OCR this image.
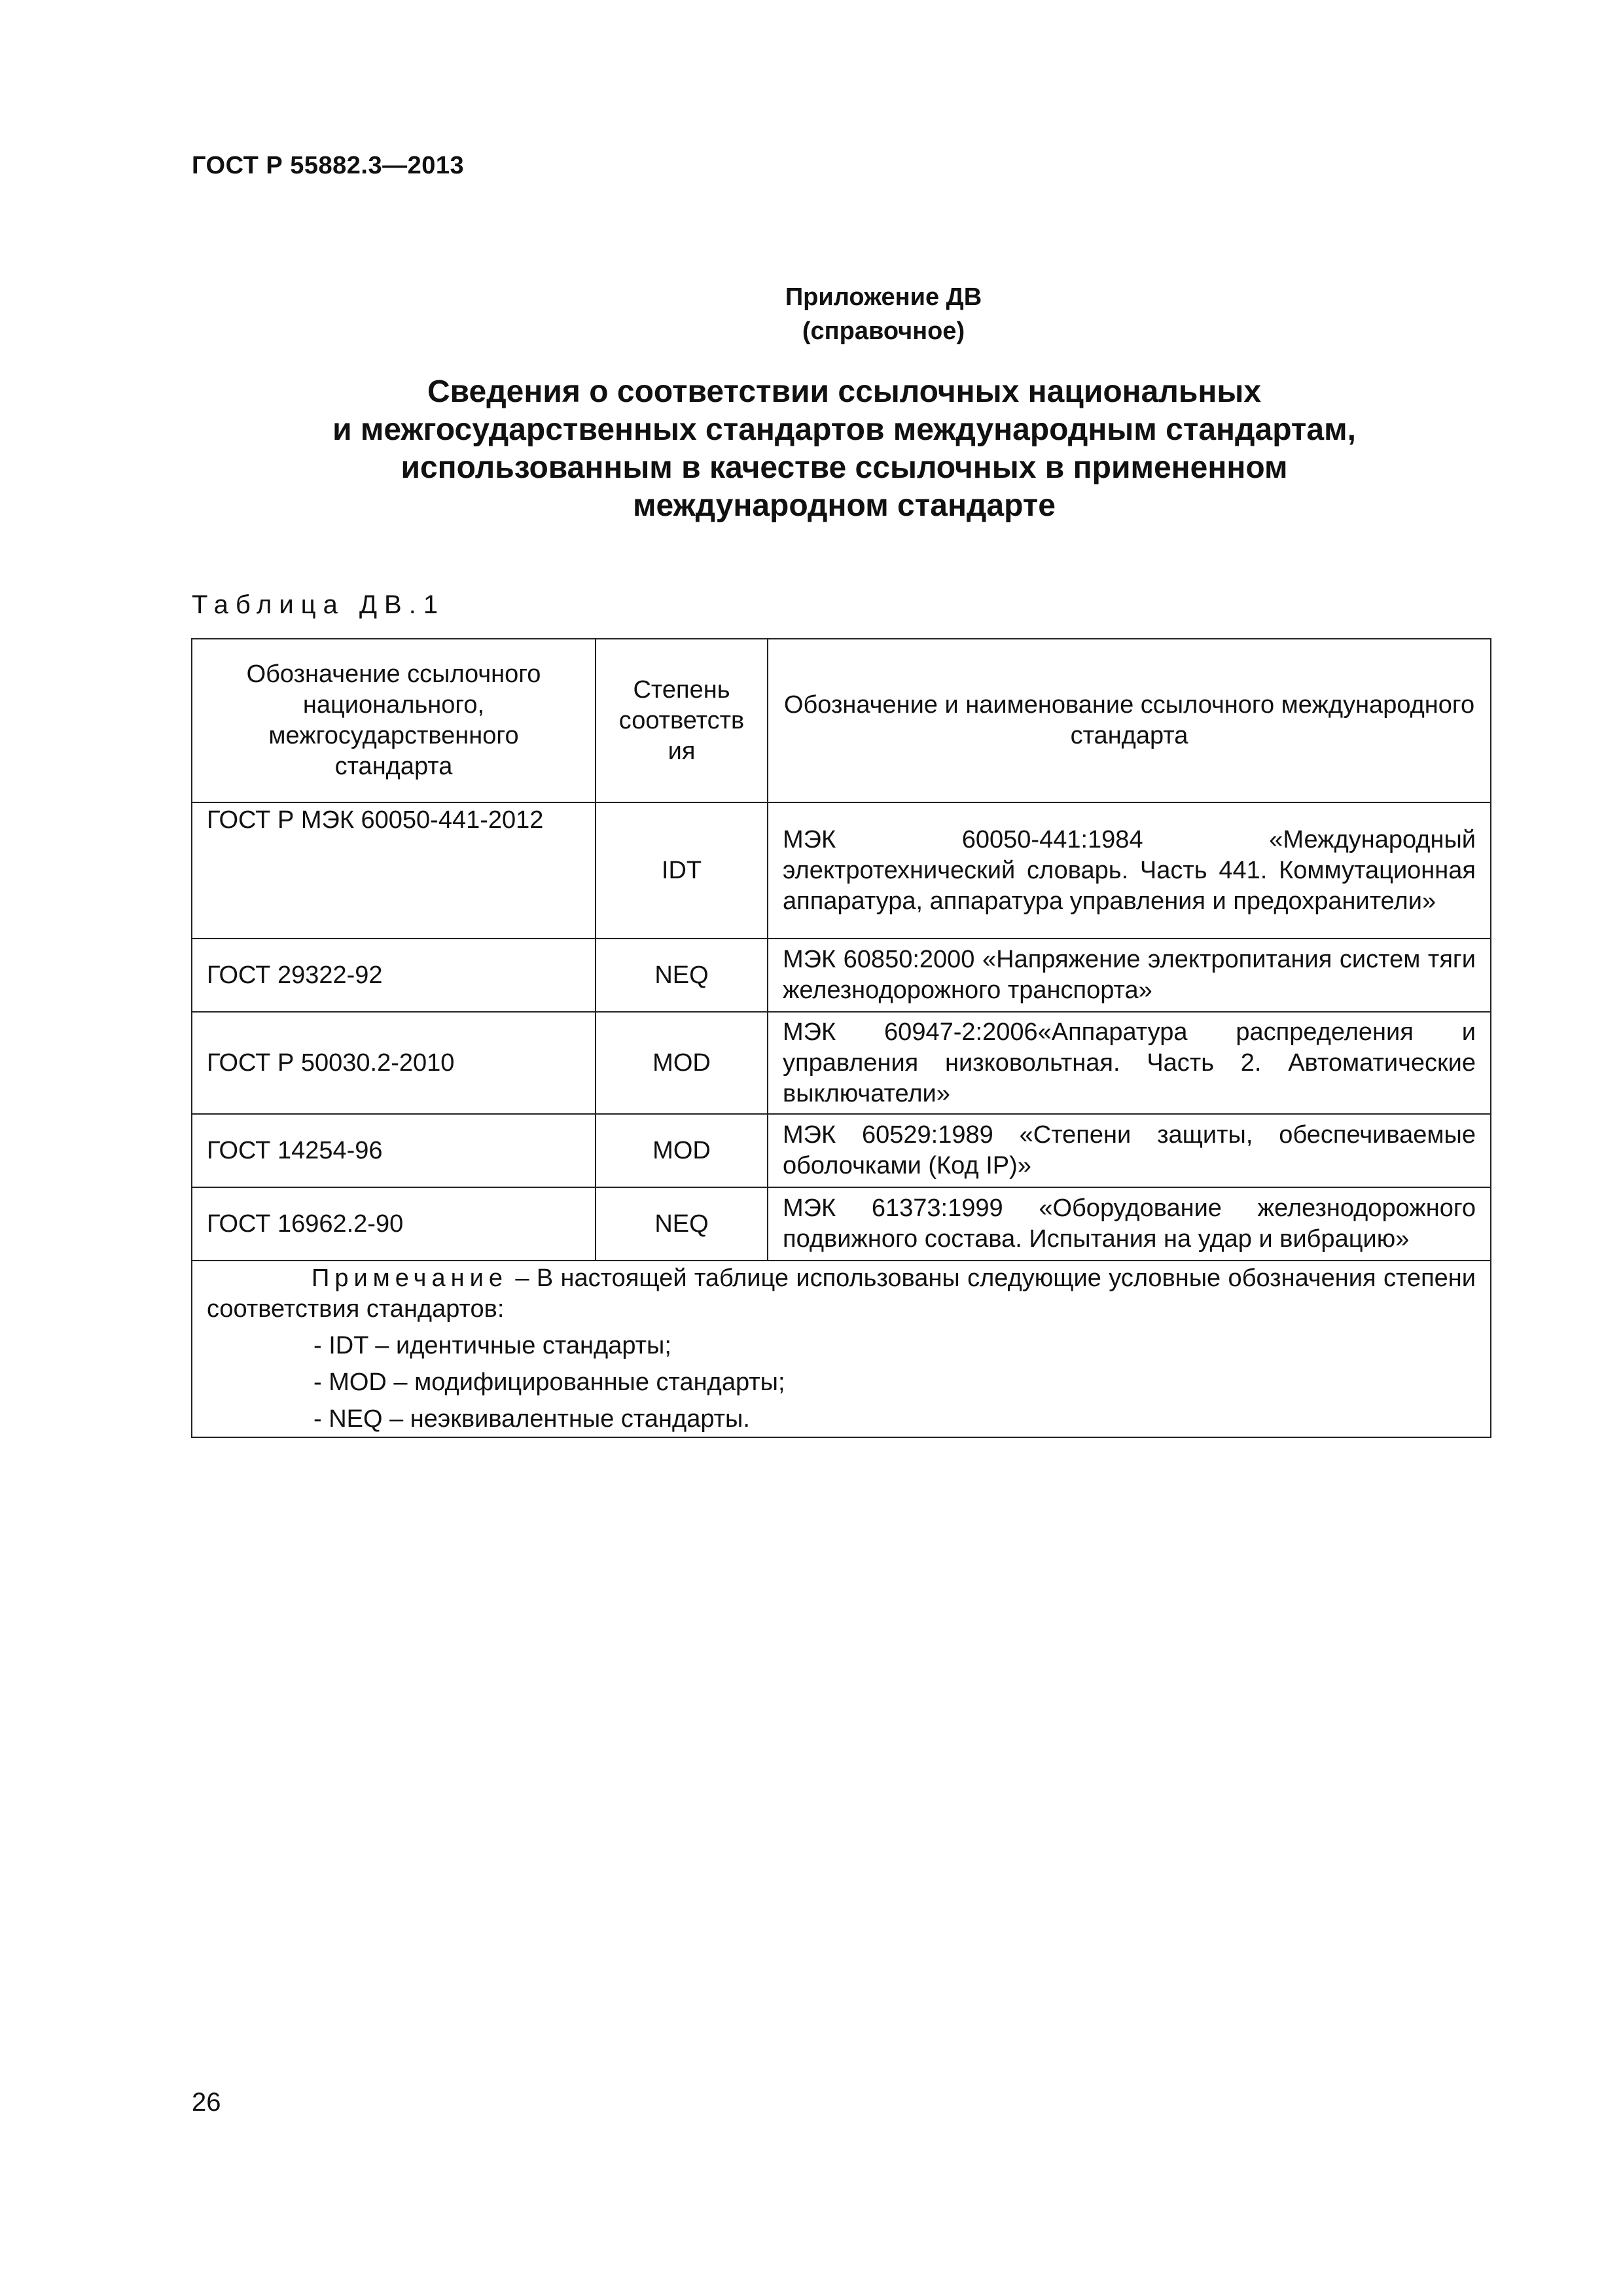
ГОСТ Р 55882.3—2013
Приложение ДВ
(справочное)
Сведения о соответствии ссылочных национальных
и межгосударственных стандартов международным стандартам,
использованным в качестве ссылочных в примененном
международном стандарте
Таблица ДВ.1
Обозначение ссылочного национального, межгосударственного стандарта	Степень соответств ия	Обозначение и наименование ссылочного международного стандарта
ГОСТ Р МЭК 60050-441-2012	IDT	МЭК 60050-441:1984 «Международный электротехнический словарь. Часть 441. Коммутационная аппаратура, аппаратура управления и предохранители»
ГОСТ 29322-92	NEQ	МЭК 60850:2000 «Напряжение электропитания систем тяги железнодорожного транспорта»
ГОСТ Р 50030.2-2010	MOD	МЭК 60947-2:2006«Аппаратура распределения и управления низковольтная. Часть 2. Автоматические выключатели»
ГОСТ 14254-96	MOD	МЭК 60529:1989 «Степени защиты, обеспечиваемые оболочками (Код IP)»
ГОСТ 16962.2-90	NEQ	МЭК 61373:1999 «Оборудование железнодорожного подвижного состава. Испытания на удар и вибрацию»

Примечание – В настоящей таблице использованы следующие условные обозначения степени соответствия стандартов:
- IDT – идентичные стандарты;
- MOD – модифицированные стандарты;
- NEQ – неэквивалентные стандарты.		
26
